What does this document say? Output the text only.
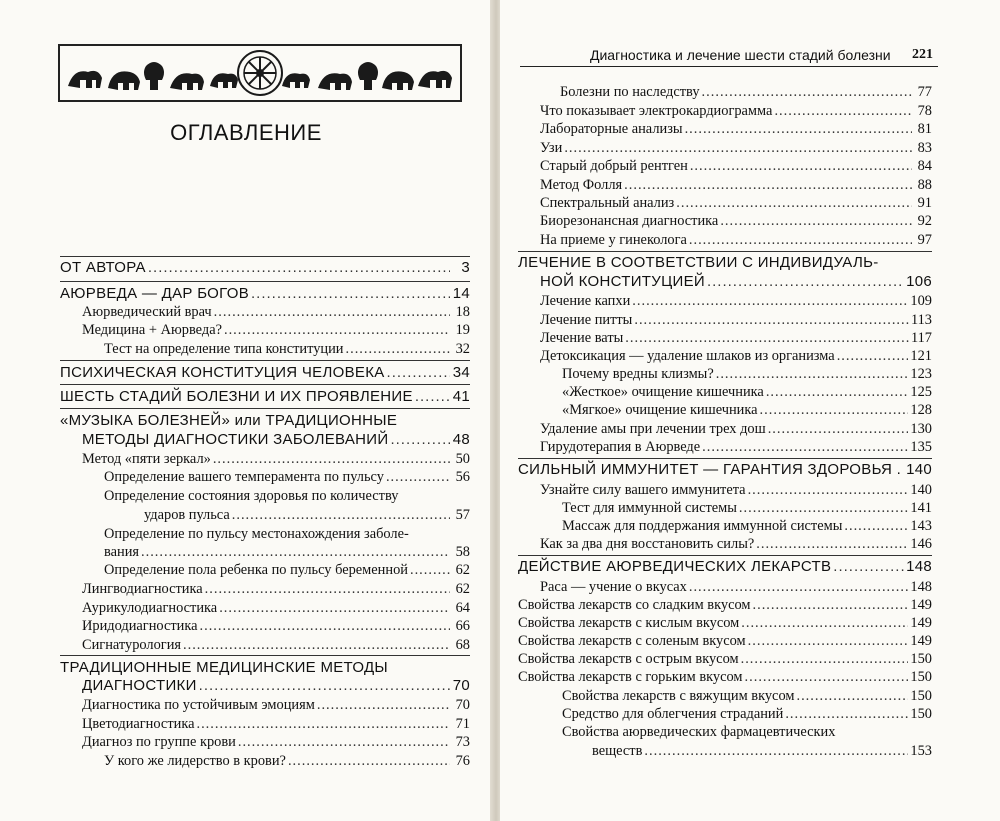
ОГЛАВЛЕНИЕ
Диагностика и лечение шести стадий болезни 221
ОТ АВТОРА .....	3
АЮРВЕДА — ДАР БОГОВ .....	14
Аюрведический врач .....	18
Медицина + Аюрведа? .....	19
Тест на определение типа конституции .....	32
ПСИХИЧЕСКАЯ КОНСТИТУЦИЯ ЧЕЛОВЕКА .....	34
ШЕСТЬ СТАДИЙ БОЛЕЗНИ И ИХ ПРОЯВЛЕНИЕ .....	41
«МУЗЫКА БОЛЕЗНЕЙ» или ТРАДИЦИОННЫЕ
МЕТОДЫ ДИАГНОСТИКИ ЗАБОЛЕВАНИЙ .....	48
Метод «пяти зеркал» .....	50
Определение вашего темперамента по пульсу .....	56
Определение состояния здоровья по количеству
ударов пульса .....	57
Определение по пульсу местонахождения заболе-
вания .....	58
Определение пола ребенка по пульсу беременной .....	62
Лингводиагностика .....	62
Аурикулодиагностика .....	64
Иридодиагностика .....	66
Сигнатурология .....	68
ТРАДИЦИОННЫЕ МЕДИЦИНСКИЕ МЕТОДЫ
ДИАГНОСТИКИ .....	70
Диагностика по устойчивым эмоциям .....	70
Цветодиагностика .....	71
Диагноз по группе крови .....	73
У кого же лидерство в крови? .....	76
Болезни по наследству .....	77
Что показывает электрокардиограмма .....	78
Лабораторные анализы .....	81
Узи .....	83
Старый добрый рентген .....	84
Метод Фолля .....	88
Спектральный анализ .....	91
Биорезонансная диагностика .....	92
На приеме у гинеколога .....	97
ЛЕЧЕНИЕ В СООТВЕТСТВИИ С ИНДИВИДУАЛЬ-
НОЙ КОНСТИТУЦИЕЙ .....	106
Лечение капхи .....	109
Лечение питты .....	113
Лечение ваты .....	117
Детоксикация — удаление шлаков из организма .....	121
Почему вредны клизмы? .....	123
«Жесткое» очищение кишечника .....	125
«Мягкое» очищение кишечника .....	128
Удаление амы при лечении трех дош .....	130
Гирудотерапия в Аюрведе .....	135
СИЛЬНЫЙ ИММУНИТЕТ — ГАРАНТИЯ ЗДОРОВЬЯ . ..... 140
Узнайте силу вашего иммунитета .....	140
Тест для иммунной системы .....	141
Массаж для поддержания иммунной системы .....	143
Как за два дня восстановить силы? .....	146
ДЕЙСТВИЕ АЮРВЕДИЧЕСКИХ ЛЕКАРСТВ .....	148
Раса — учение о вкусах .....	148
Свойства лекарств со сладким вкусом .....	149
Свойства лекарств с кислым вкусом .....	149
Свойства лекарств с соленым вкусом .....	149
Свойства лекарств с острым вкусом .....	150
Свойства лекарств с горьким вкусом .....	150
Свойства лекарств с вяжущим вкусом .....	150
Средство для облегчения страданий .....	150
Свойства аюрведических фармацевтических
веществ .....	153
